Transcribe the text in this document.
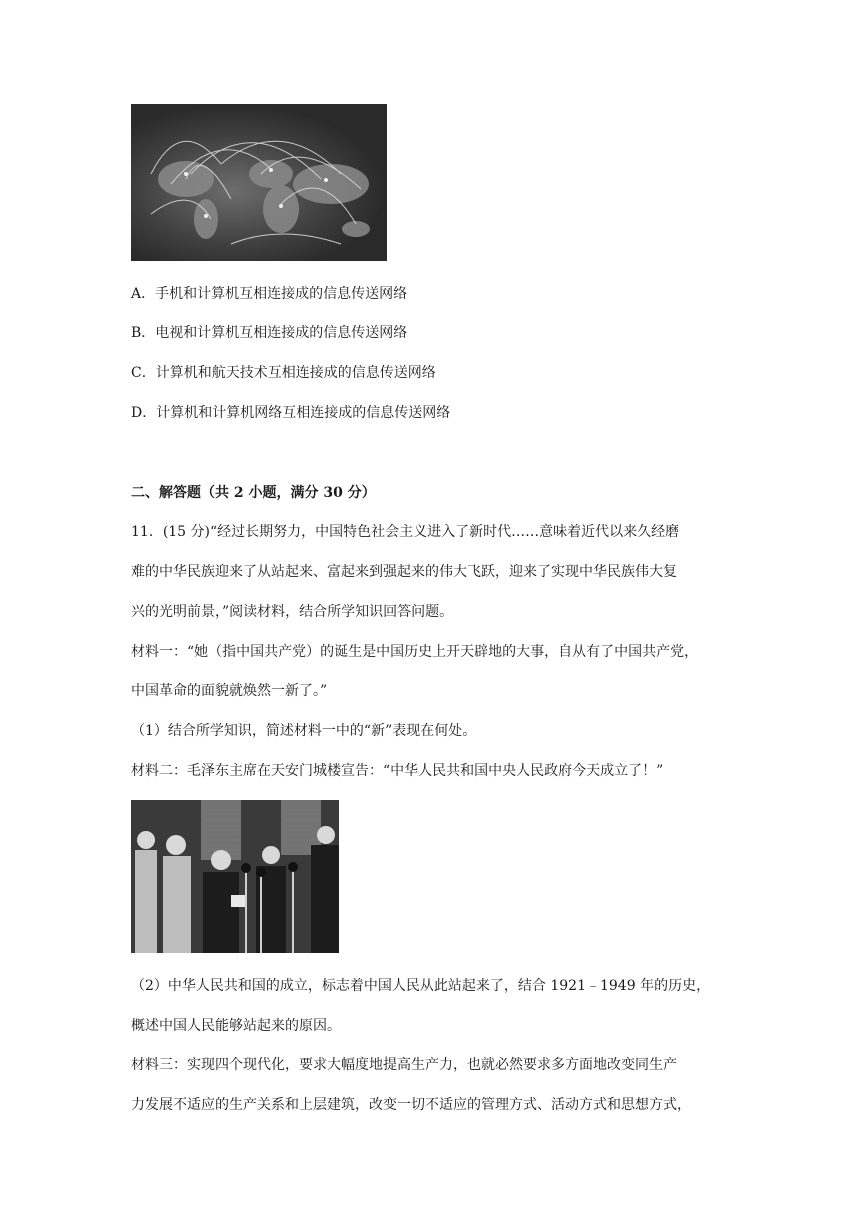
A．手机和计算机互相连接成的信息传送网络
B．电视和计算机互相连接成的信息传送网络
C．计算机和航天技术互相连接成的信息传送网络
D．计算机和计算机网络互相连接成的信息传送网络
二、解答题（共 2 小题，满分 30 分）
11．(15 分)“经过长期努力，中国特色社会主义进入了新时代……意味着近代以来久经磨
难的中华民族迎来了从站起来、富起来到强起来的伟大飞跃，迎来了实现中华民族伟大复
兴的光明前景，”阅读材料，结合所学知识回答问题。
材料一：“她（指中国共产党）的诞生是中国历史上开天辟地的大事，自从有了中国共产党，
中国革命的面貌就焕然一新了。”
（1）结合所学知识，简述材料一中的“新”表现在何处。
材料二：毛泽东主席在天安门城楼宣告：“中华人民共和国中央人民政府今天成立了！”
（2）中华人民共和国的成立，标志着中国人民从此站起来了，结合 1921﹣1949 年的历史，
概述中国人民能够站起来的原因。
材料三：实现四个现代化，要求大幅度地提高生产力，也就必然要求多方面地改变同生产
力发展不适应的生产关系和上层建筑，改变一切不适应的管理方式、活动方式和思想方式，
